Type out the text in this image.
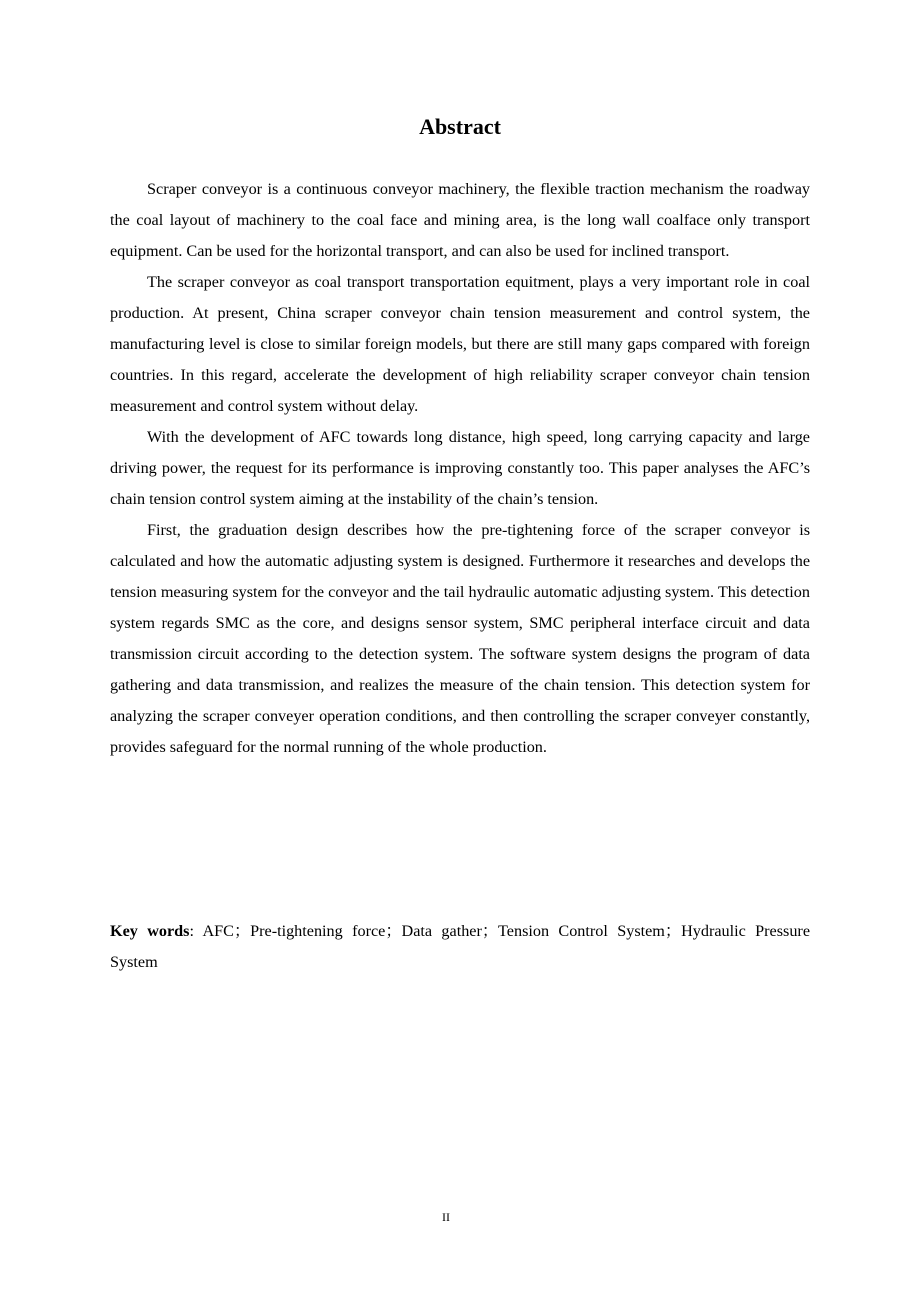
Abstract

Scraper conveyor is a continuous conveyor machinery, the flexible traction mechanism the roadway the coal layout of machinery to the coal face and mining area, is the long wall coalface only transport equipment. Can be used for the horizontal transport, and can also be used for inclined transport.

The scraper conveyor as coal transport transportation equitment, plays a very important role in coal production. At present, China scraper conveyor chain tension measurement and control system, the manufacturing level is close to similar foreign models, but there are still many gaps compared with foreign countries. In this regard, accelerate the development of high reliability scraper conveyor chain tension measurement and control system without delay.

With the development of AFC towards long distance, high speed, long carrying capacity and large driving power, the request for its performance is improving constantly too. This paper analyses the AFC’s chain tension control system aiming at the instability of the chain’s tension.

First, the graduation design describes how the pre-tightening force of the scraper conveyor is calculated and how the automatic adjusting system is designed. Furthermore it researches and develops the tension measuring system for the conveyor and the tail hydraulic automatic adjusting system. This detection system regards SMC as the core, and designs sensor system, SMC peripheral interface circuit and data transmission circuit according to the detection system. The software system designs the program of data gathering and data transmission, and realizes the measure of the chain tension. This detection system for analyzing the scraper conveyer operation conditions, and then controlling the scraper conveyer constantly, provides safeguard for the normal running of the whole production.

Key words: AFC；Pre-tightening force；Data gather；Tension Control System；Hydraulic Pressure System
II
